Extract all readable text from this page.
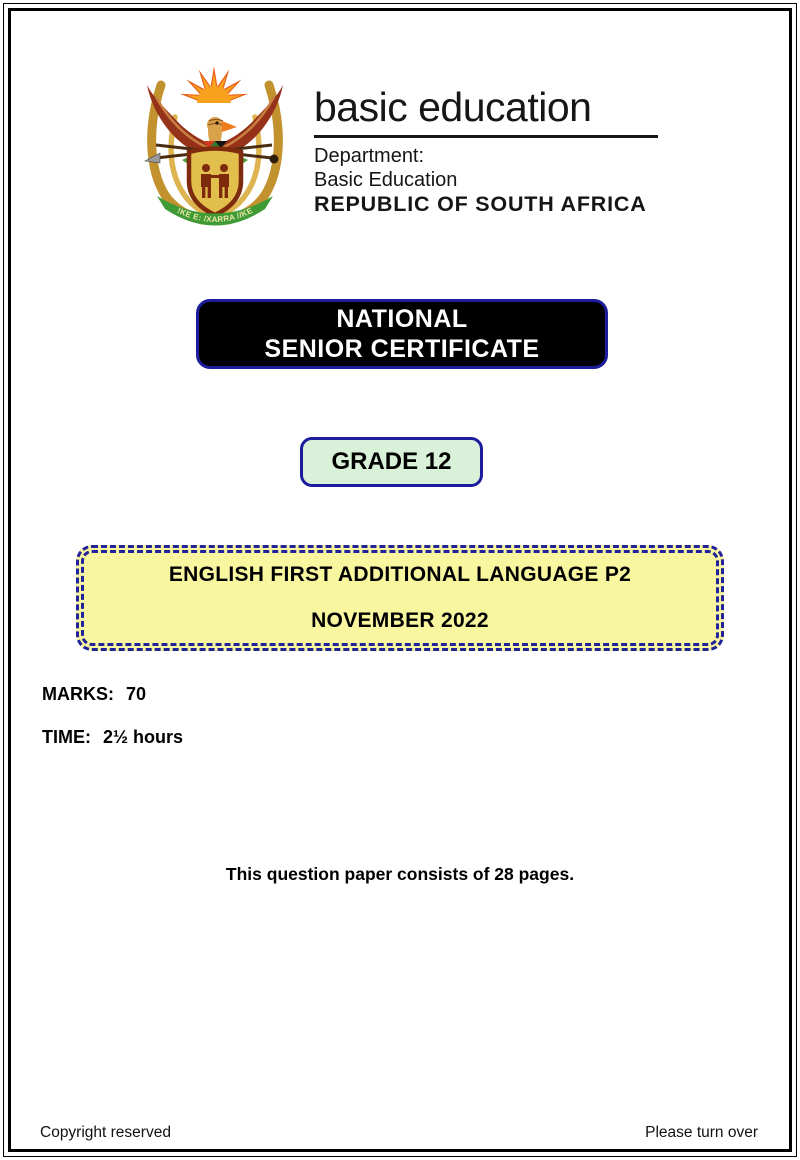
!KE E: /XARRA //KE
basic education
Department:
Basic Education
REPUBLIC OF SOUTH AFRICA
NATIONAL
SENIOR CERTIFICATE
GRADE 12
ENGLISH FIRST ADDITIONAL LANGUAGE P2
NOVEMBER 2022
MARKS: 70
TIME: 2½ hours
This question paper consists of 28 pages.
Copyright reserved	Please turn over
